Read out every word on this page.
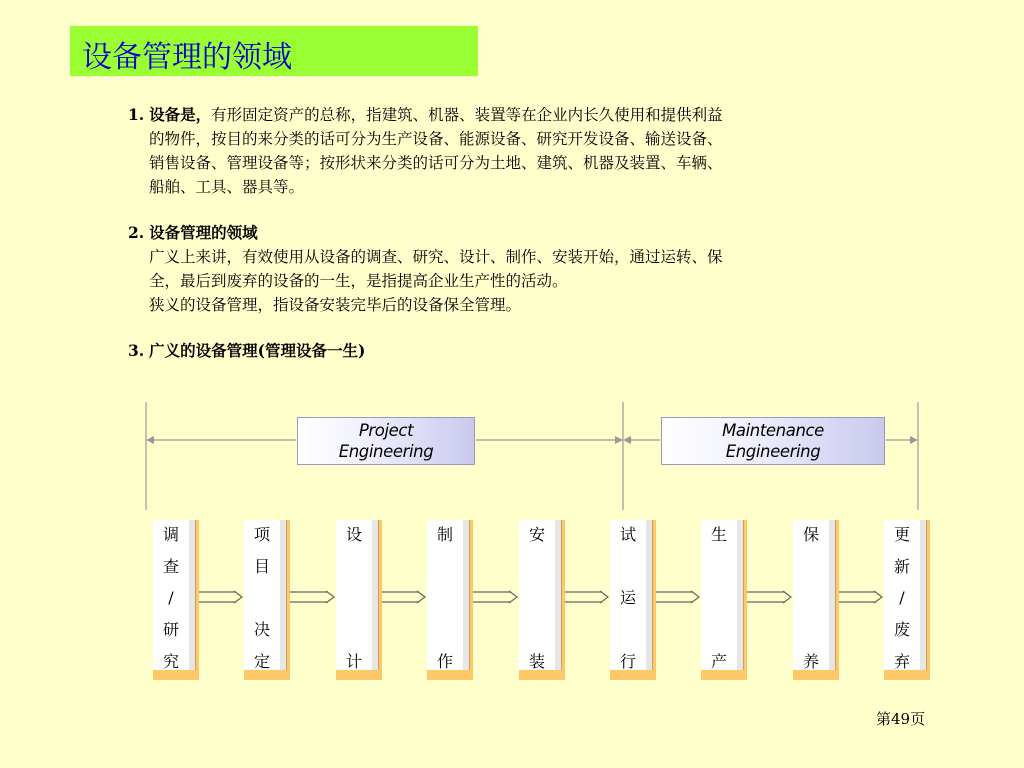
设备管理的领域
1. 设备是，有形固定资产的总称，指建筑、机器、装置等在企业内长久使用和提供利益
的物件，按目的来分类的话可分为生产设备、能源设备、研究开发设备、输送设备、
销售设备、管理设备等；按形状来分类的话可分为土地、建筑、机器及装置、车辆、
船舶、工具、器具等。
2. 设备管理的领域
广义上来讲，有效使用从设备的调查、研究、设计、制作、安装开始，通过运转、保
全，最后到废弃的设备的一生，是指提高企业生产性的活动。
狭义的设备管理，指设备安装完毕后的设备保全管理。
3. 广义的设备管理(管理设备一生)
Project
Engineering
Maintenance
Engineering
调
查
/
研
究
项
目
决
定
设
计
制
作
安
装
试
运
行
生
产
保
养
更
新
/
废
弃
第49页
